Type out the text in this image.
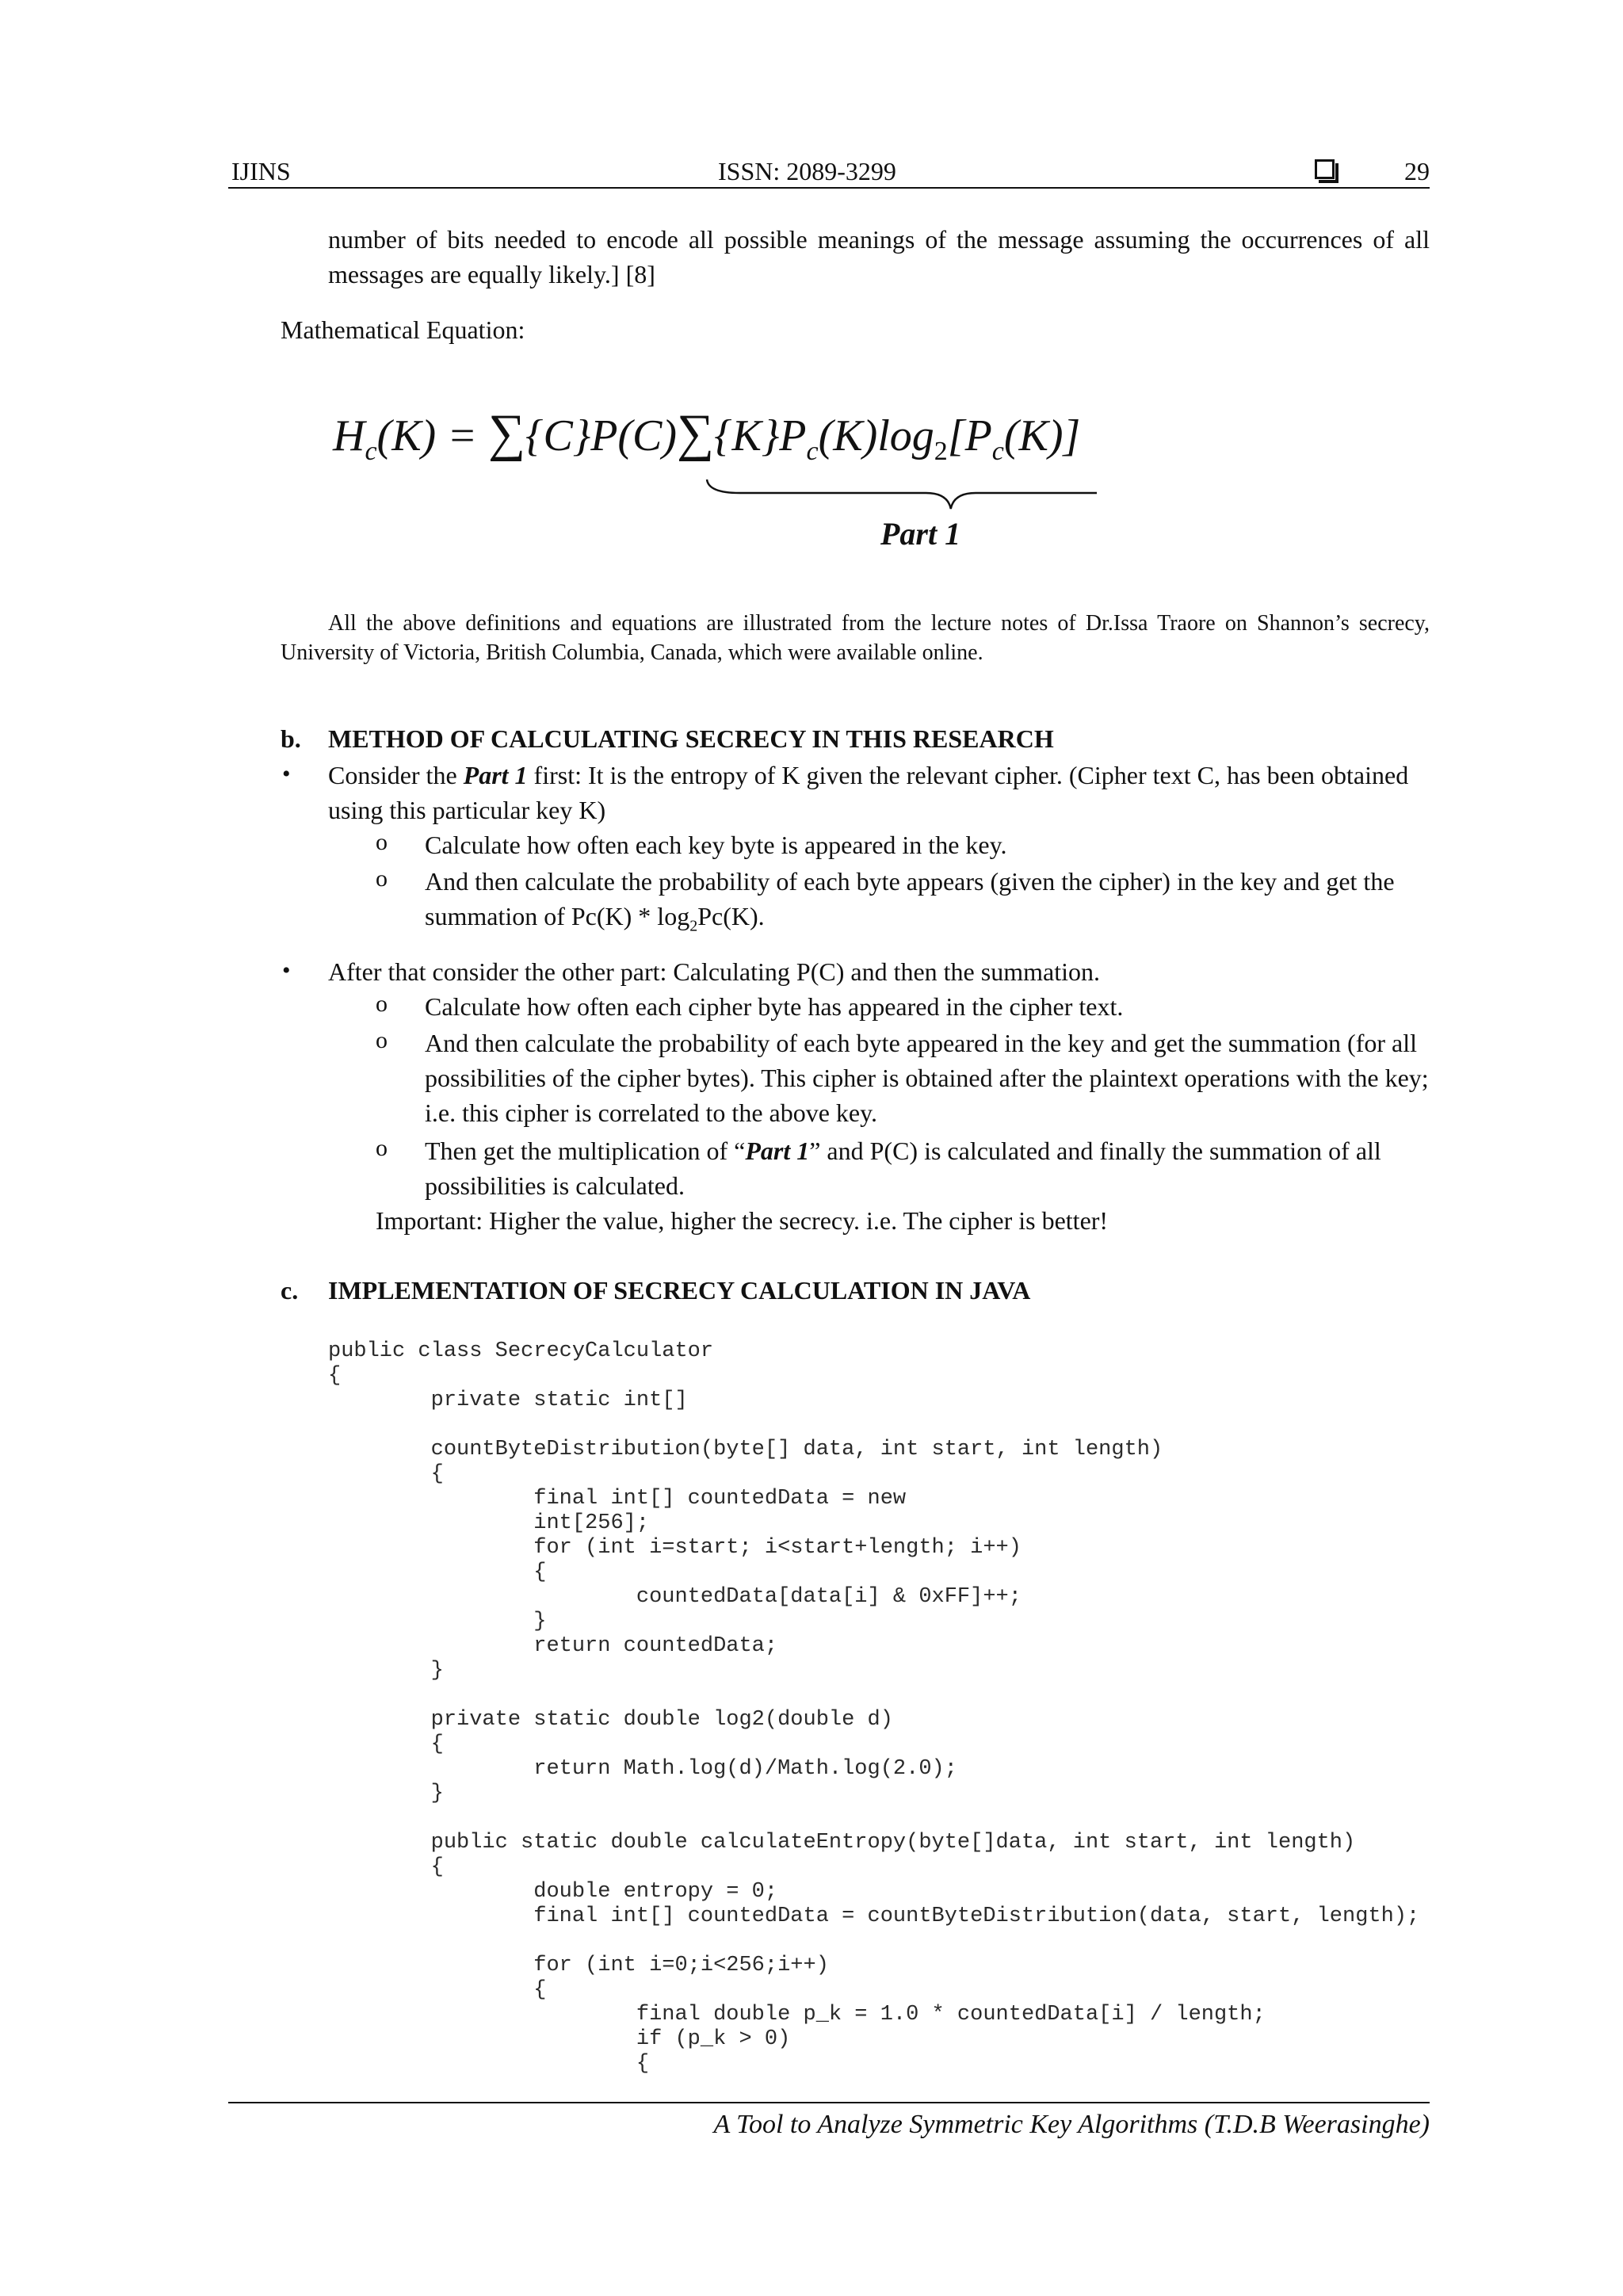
IJINS	ISSN: 2089-3299	29
number of bits needed to encode all possible meanings of the message assuming the occurrences of all messages are equally likely.] [8]
Mathematical Equation:
$H_c(K) = \sum\{C\}P(C)\sum\{K\}P_c(K)\log_2[P_c(K)]$
Part 1
All the above definitions and equations are illustrated from the lecture notes of Dr.Issa Traore on Shannon’s secrecy, University of Victoria, British Columbia, Canada, which were available online.
b. METHOD OF CALCULATING SECRECY IN THIS RESEARCH
• Consider the Part 1 first: It is the entropy of K given the relevant cipher. (Cipher text C, has been obtained using this particular key K)
o Calculate how often each key byte is appeared in the key.
o And then calculate the probability of each byte appears (given the cipher) in the key and get the summation of $Pc(K) * \log_2Pc(K)$.
• After that consider the other part: Calculating P(C) and then the summation.
o Calculate how often each cipher byte has appeared in the cipher text.
o And then calculate the probability of each byte appeared in the key and get the summation (for all possibilities of the cipher bytes). This cipher is obtained after the plaintext operations with the key; i.e. this cipher is correlated to the above key.
o Then get the multiplication of “Part 1” and P(C) is calculated and finally the summation of all possibilities is calculated.
Important: Higher the value, higher the secrecy. i.e. The cipher is better!
c. IMPLEMENTATION OF SECRECY CALCULATION IN JAVA
public class SecrecyCalculator
{
private static int[]

countByteDistribution(byte[] data, int start, int length)
{
final int[] countedData = new
int[256];
for (int i=start; i<start+length; i++)
{
countedData[data[i] & 0xFF]++;
}
return countedData;
}

private static double log2(double d)
{
return Math.log(d)/Math.log(2.0);
}

public static double calculateEntropy(byte[]data, int start, int length)
{
double entropy = 0;
final int[] countedData = countByteDistribution(data, start, length);

for (int i=0;i<256;i++)
{
final double p_k = 1.0 * countedData[i] / length;
if (p_k > 0)
{
A Tool to Analyze Symmetric Key Algorithms (T.D.B Weerasinghe)
